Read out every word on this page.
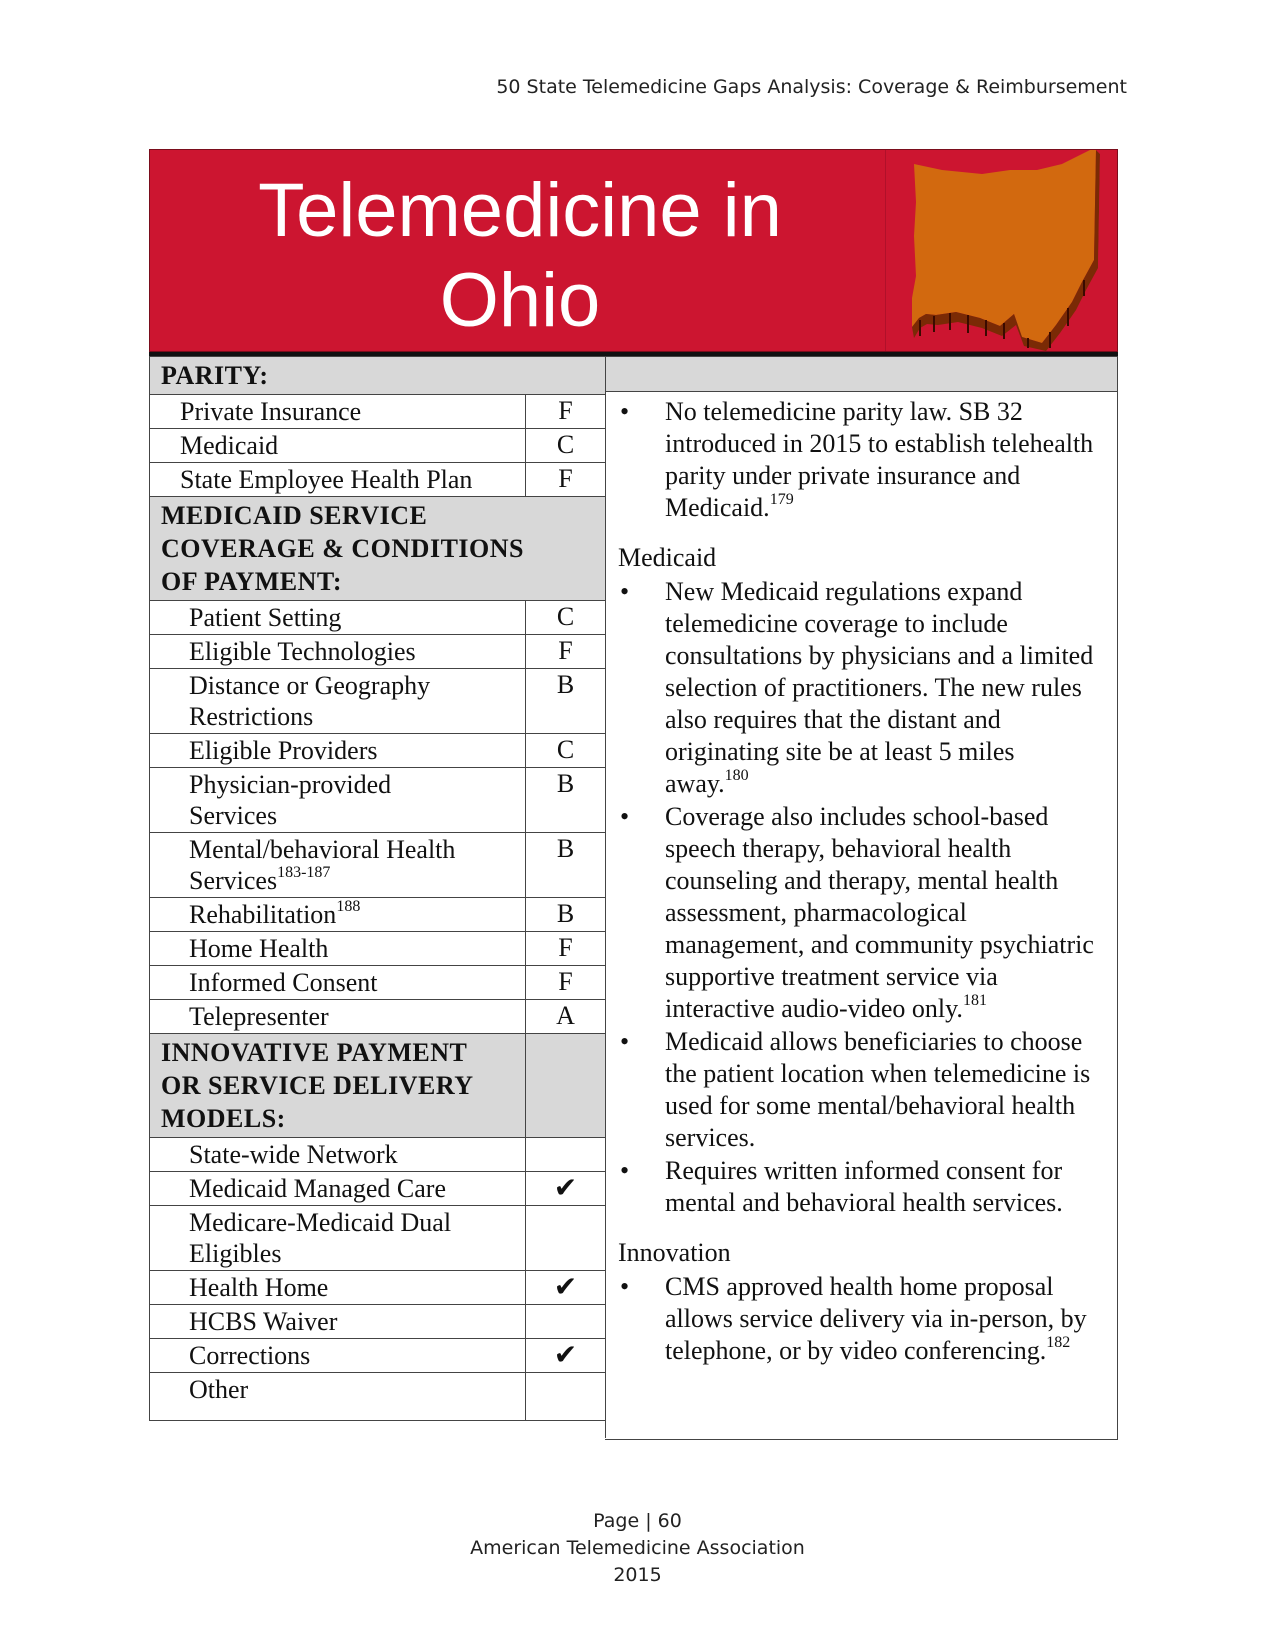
50 State Telemedicine Gaps Analysis: Coverage & Reimbursement
Telemedicine in
Ohio
PARITY:	
Private Insurance	F
Medicaid	C
State Employee Health Plan	F
MEDICAID SERVICE
COVERAGE & CONDITIONS
OF PAYMENT:	
Patient Setting	C
Eligible Technologies	F
Distance or Geography
Restrictions	B
Eligible Providers	C
Physician-provided
Services	B
Mental/behavioral Health
Services$^{183-187}$	B
Rehabilitation$^{188}$	B
Home Health	F
Informed Consent	F
Telepresenter	A
INNOVATIVE PAYMENT
OR SERVICE DELIVERY
MODELS:	
State-wide Network	
Medicaid Managed Care	✔
Medicare-Medicaid Dual
Eligibles	
Health Home	✔
HCBS Waiver	
Corrections	✔
Other	
• No telemedicine parity law. SB 32 introduced in 2015 to establish telehealth parity under private insurance and Medicaid.$^{179}$
Medicaid
• New Medicaid regulations expand telemedicine coverage to include consultations by physicians and a limited selection of practitioners. The new rules also requires that the distant and originating site be at least 5 miles away.$^{180}$
• Coverage also includes school-based speech therapy, behavioral health counseling and therapy, mental health assessment, pharmacological management, and community psychiatric supportive treatment service via interactive audio-video only.$^{181}$
• Medicaid allows beneficiaries to choose the patient location when telemedicine is used for some mental/behavioral health services.
• Requires written informed consent for mental and behavioral health services.
Innovation
• CMS approved health home proposal allows service delivery via in-person, by telephone, or by video conferencing.$^{182}$
Page | 60
American Telemedicine Association
2015
